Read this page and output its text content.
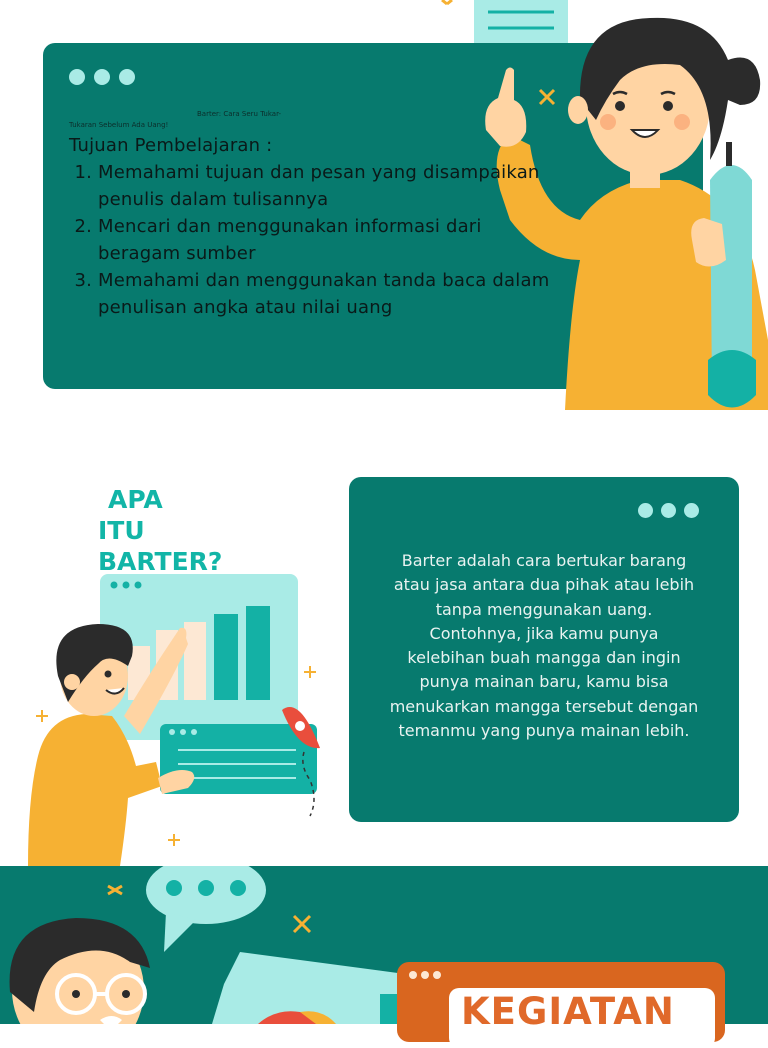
Barter: Cara Seru Tukar-
Tukaran Sebelum Ada Uang!
Tujuan Pembelajaran :
1. Memahami tujuan dan pesan yang disampaikan penulis dalam tulisannya
2. Mencari dan menggunakan informasi dari beragam sumber
3. Memahami dan menggunakan tanda baca dalam penulisan angka atau nilai uang
Barter adalah cara bertukar barang atau jasa antara dua pihak atau lebih tanpa menggunakan uang. Contohnya, jika kamu punya kelebihan buah mangga dan ingin punya mainan baru, kamu bisa menukarkan mangga tersebut dengan temanmu yang punya mainan lebih.
APA
ITU
BARTER?
KEGIATAN
